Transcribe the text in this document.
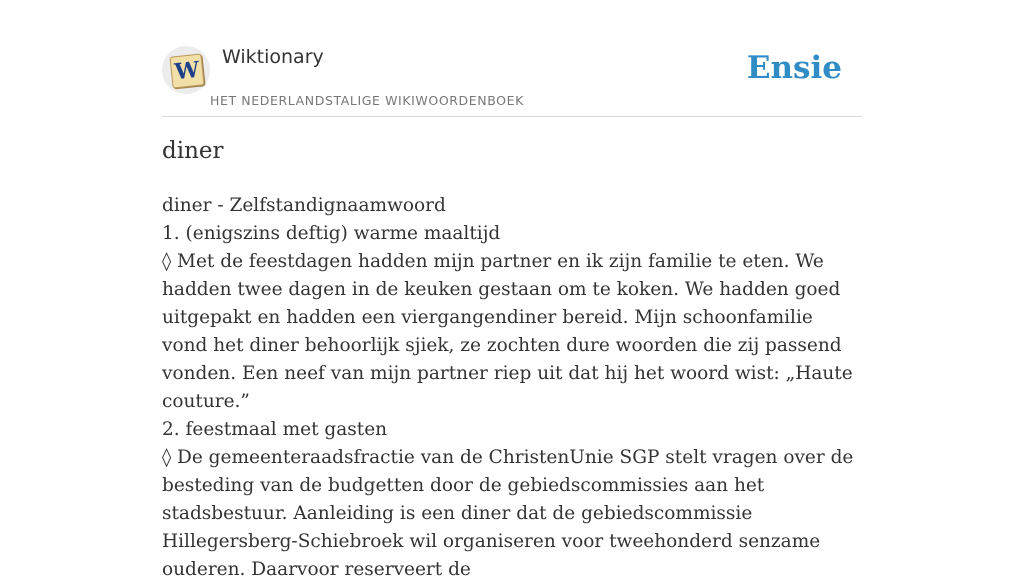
W Wiktionary
HET NEDERLANDSTALIGE WIKIWOORDENBOEK
Ensie
diner
diner - Zelfstandignaamwoord
1. (enigszins deftig) warme maaltijd
◊ Met de feestdagen hadden mijn partner en ik zijn familie te eten. We hadden twee dagen in de keuken gestaan om te koken. We hadden goed uitgepakt en hadden een viergangendiner bereid. Mijn schoonfamilie vond het diner behoorlijk sjiek, ze zochten dure woorden die zij passend vonden. Een neef van mijn partner riep uit dat hij het woord wist: „Haute couture.”
2. feestmaal met gasten
◊ De gemeenteraadsfractie van de ChristenUnie SGP stelt vragen over de besteding van de budgetten door de gebiedscommissies aan het stadsbestuur. Aanleiding is een diner dat de gebiedscommissie Hillegersberg-Schiebroek wil organiseren voor tweehonderd senzame ouderen. Daarvoor reserveert de
